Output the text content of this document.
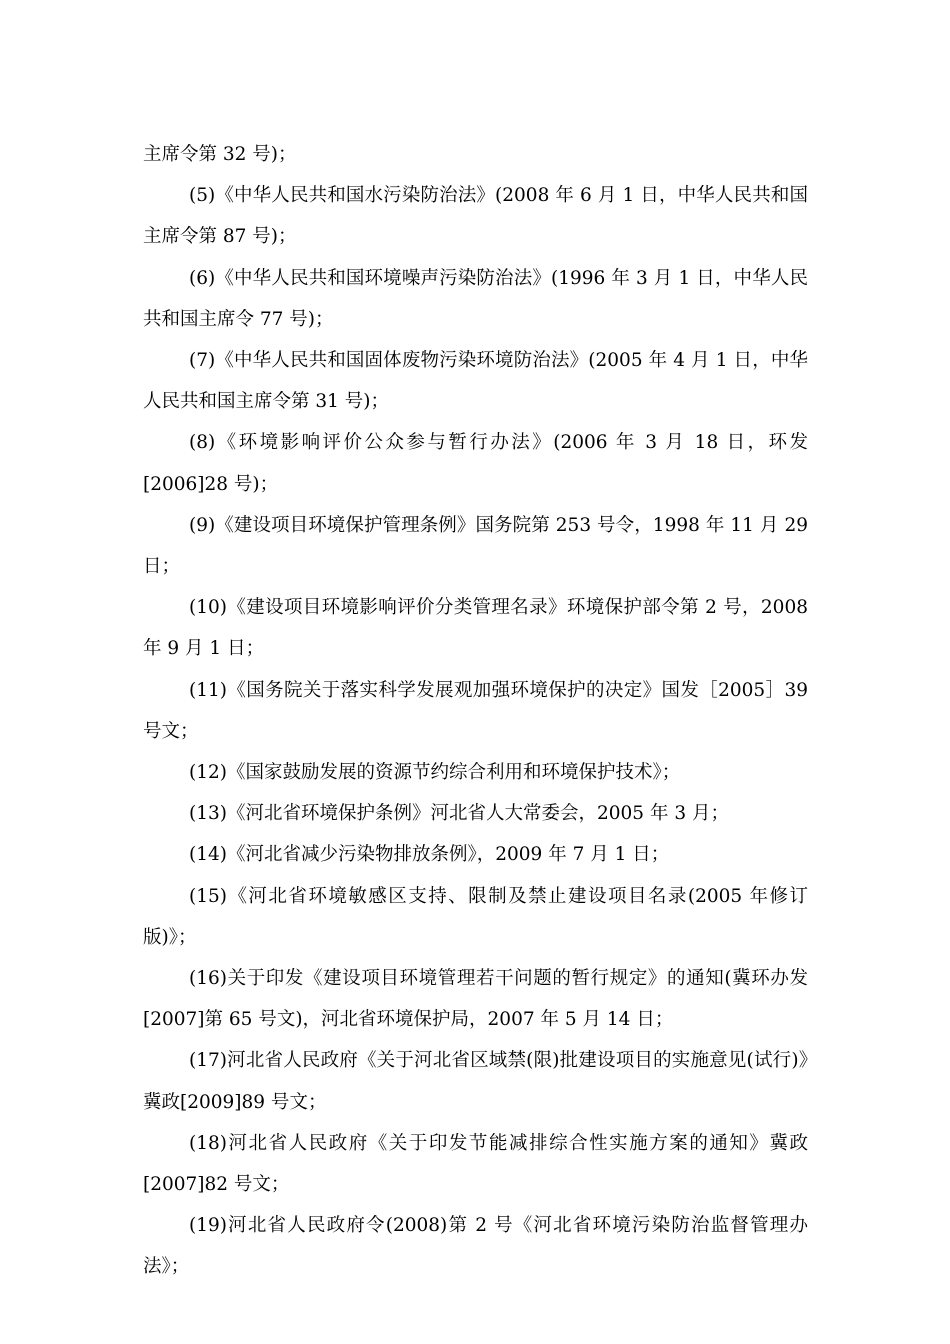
主席令第 32 号)；

(5)《中华人民共和国水污染防治法》(2008 年 6 月 1 日，中华人民共和国主席令第 87 号)；

(6)《中华人民共和国环境噪声污染防治法》(1996 年 3 月 1 日，中华人民共和国主席令 77 号)；

(7)《中华人民共和国固体废物污染环境防治法》(2005 年 4 月 1 日，中华人民共和国主席令第 31 号)；

(8)《环境影响评价公众参与暂行办法》(2006 年 3 月 18 日，环发[2006]28 号)；

(9)《建设项目环境保护管理条例》国务院第 253 号令，1998 年 11 月 29 日；

(10)《建设项目环境影响评价分类管理名录》环境保护部令第 2 号，2008 年 9 月 1 日；

(11)《国务院关于落实科学发展观加强环境保护的决定》国发［2005］39 号文；

(12)《国家鼓励发展的资源节约综合利用和环境保护技术》；

(13)《河北省环境保护条例》河北省人大常委会，2005 年 3 月；

(14)《河北省减少污染物排放条例》，2009 年 7 月 1 日；

(15)《河北省环境敏感区支持、限制及禁止建设项目名录(2005 年修订版)》；

(16)关于印发《建设项目环境管理若干问题的暂行规定》的通知(冀环办发[2007]第 65 号文)，河北省环境保护局，2007 年 5 月 14 日；

(17)河北省人民政府《关于河北省区域禁(限)批建设项目的实施意见(试行)》冀政[2009]89 号文；

(18)河北省人民政府《关于印发节能减排综合性实施方案的通知》冀政[2007]82 号文；

(19)河北省人民政府令(2008)第 2 号《河北省环境污染防治监督管理办法》；
